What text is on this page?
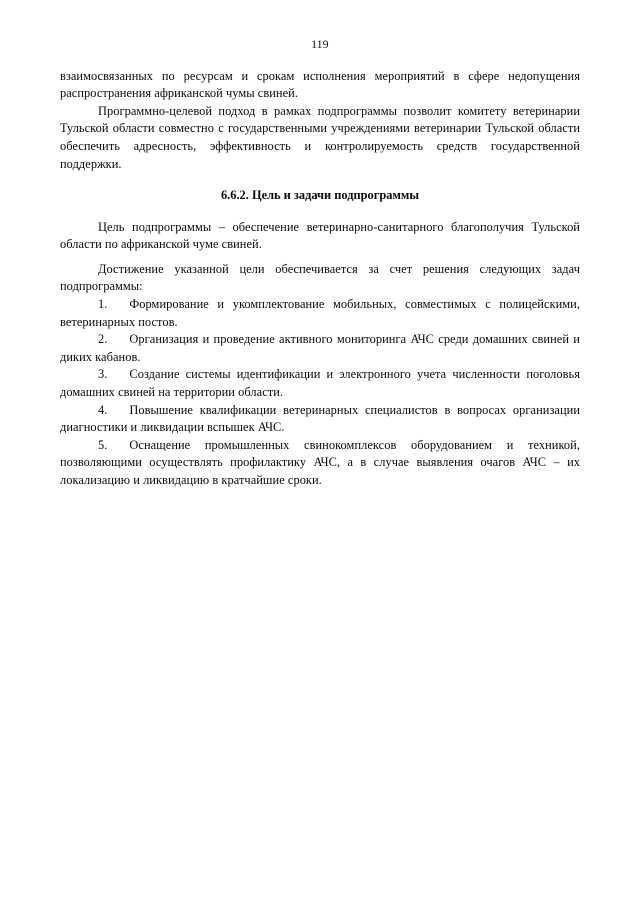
119

взаимосвязанных по ресурсам и срокам исполнения мероприятий в сфере недопущения распространения африканской чумы свиней.

Программно-целевой подход в рамках подпрограммы позволит комитету ветеринарии Тульской области совместно с государственными учреждениями ветеринарии Тульской области обеспечить адресность, эффективность и контролируемость средств государственной поддержки.

6.6.2. Цель и задачи подпрограммы

Цель подпрограммы – обеспечение ветеринарно-санитарного благополучия Тульской области по африканской чуме свиней.

Достижение указанной цели обеспечивается за счет решения следующих задач подпрограммы:

1. Формирование и укомплектование мобильных, совместимых с полицейскими, ветеринарных постов.

2. Организация и проведение активного мониторинга АЧС среди домашних свиней и диких кабанов.

3. Создание системы идентификации и электронного учета численности поголовья домашних свиней на территории области.

4. Повышение квалификации ветеринарных специалистов в вопросах организации диагностики и ликвидации вспышек АЧС.

5. Оснащение промышленных свинокомплексов оборудованием и техникой, позволяющими осуществлять профилактику АЧС, а в случае выявления очагов АЧС – их локализацию и ликвидацию в кратчайшие сроки.
